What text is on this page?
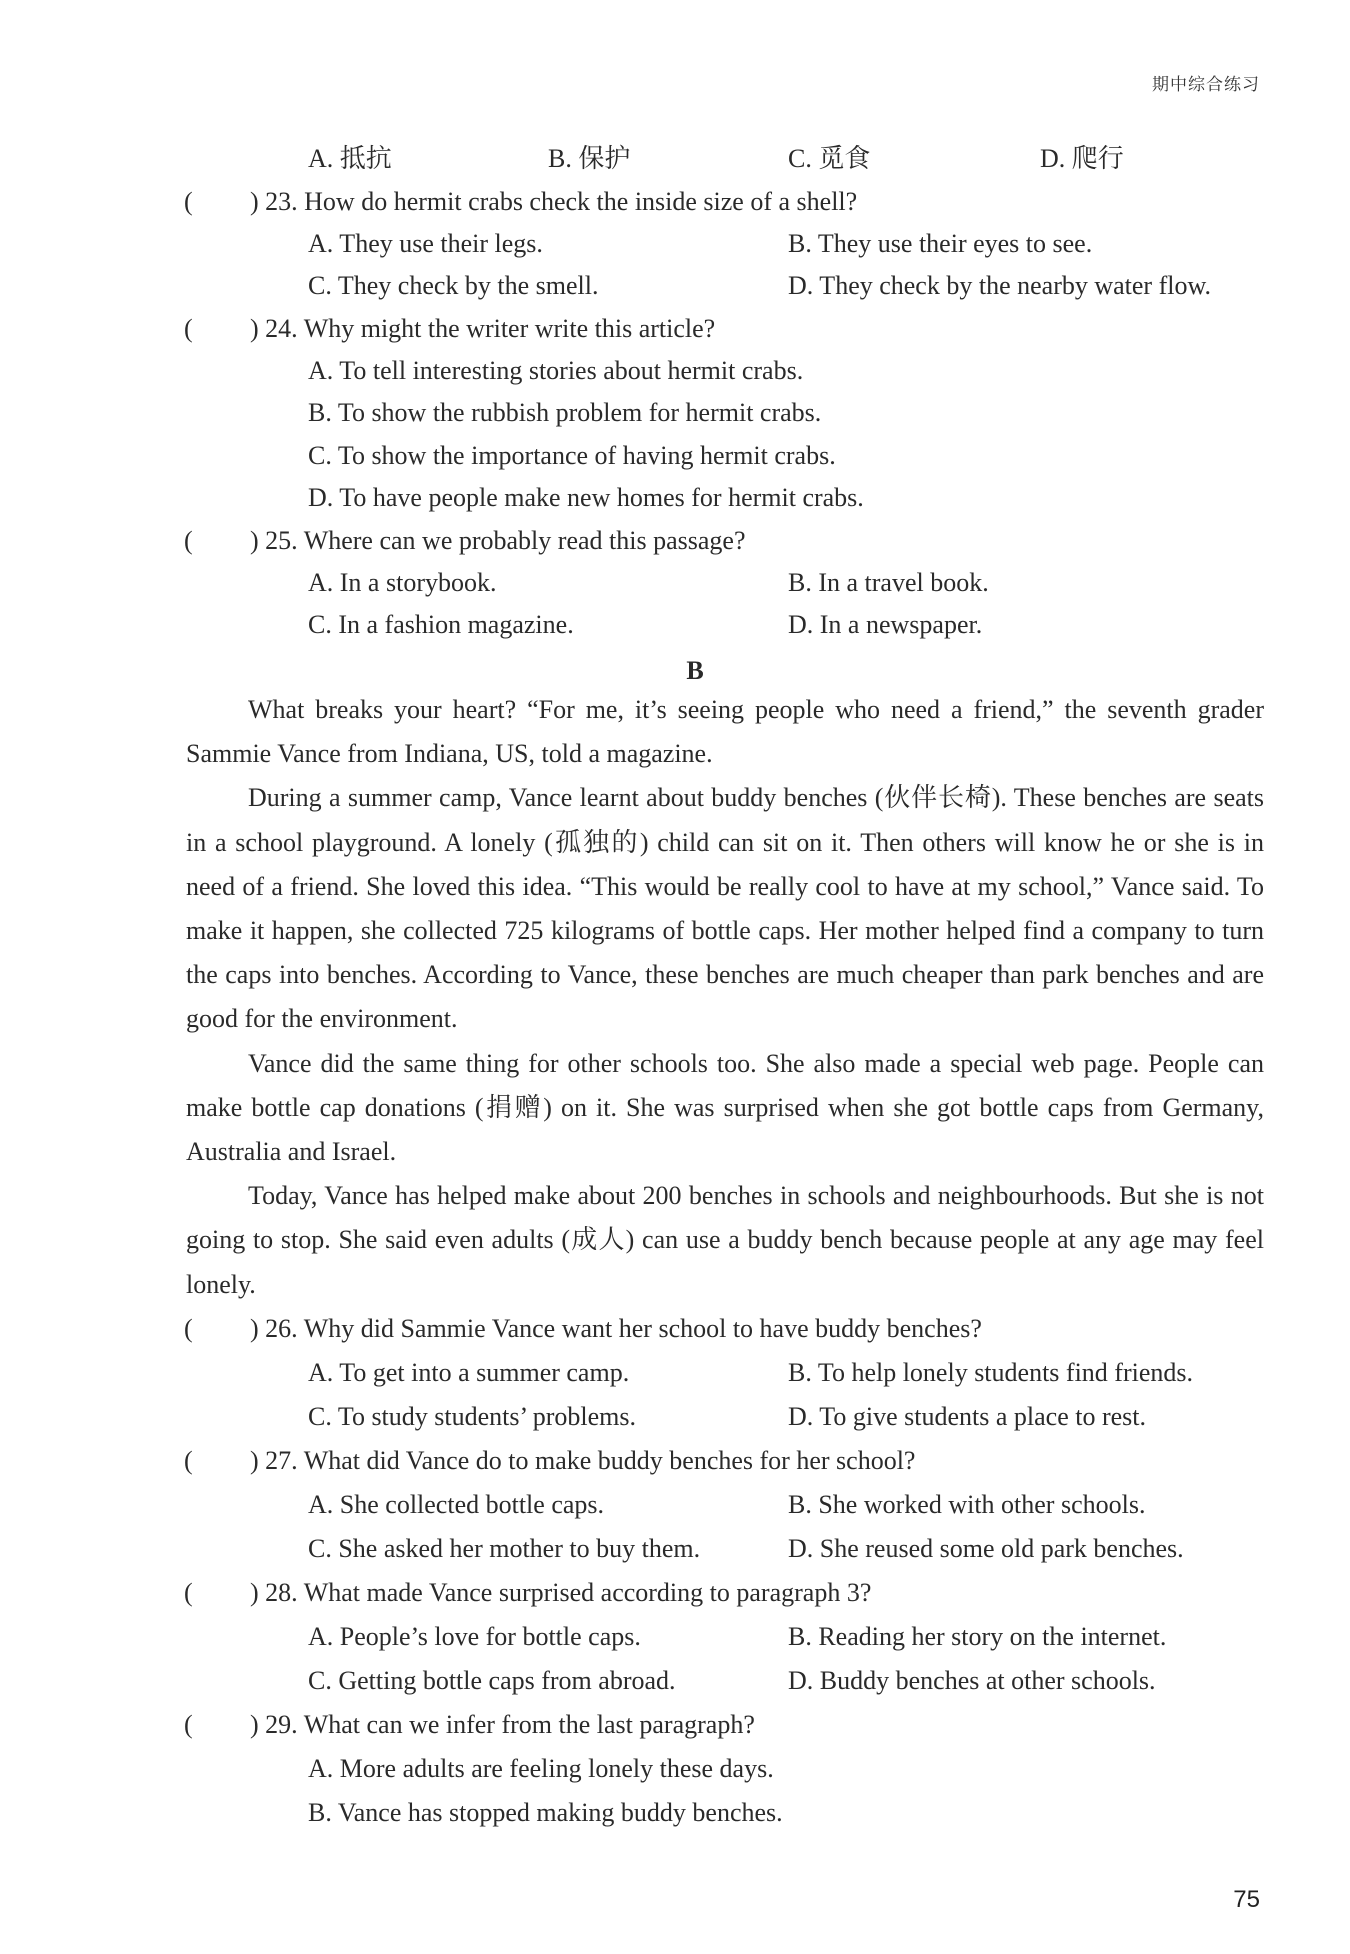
期中综合练习
A. 抵抗	B. 保护	C. 觅食	D. 爬行
( ) 23. How do hermit crabs check the inside size of a shell?
A. They use their legs.	B. They use their eyes to see.
C. They check by the smell.	D. They check by the nearby water flow.
( ) 24. Why might the writer write this article?
A. To tell interesting stories about hermit crabs.
B. To show the rubbish problem for hermit crabs.
C. To show the importance of having hermit crabs.
D. To have people make new homes for hermit crabs.
( ) 25. Where can we probably read this passage?
A. In a storybook.	B. In a travel book.
C. In a fashion magazine.	D. In a newspaper.
B

What breaks your heart? “For me, it’s seeing people who need a friend,” the seventh grader Sammie Vance from Indiana, US, told a magazine.

During a summer camp, Vance learnt about buddy benches (伙伴长椅). These benches are seats in a school playground. A lonely (孤独的) child can sit on it. Then others will know he or she is in need of a friend. She loved this idea. “This would be really cool to have at my school,” Vance said. To make it happen, she collected 725 kilograms of bottle caps. Her mother helped find a company to turn the caps into benches. According to Vance, these benches are much cheaper than park benches and are good for the environment.

Vance did the same thing for other schools too. She also made a special web page. People can make bottle cap donations (捐赠) on it. She was surprised when she got bottle caps from Germany, Australia and Israel.

Today, Vance has helped make about 200 benches in schools and neighbourhoods. But she is not going to stop. She said even adults (成人) can use a buddy bench because people at any age may feel lonely.

( ) 26. Why did Sammie Vance want her school to have buddy benches?
A. To get into a summer camp.	B. To help lonely students find friends.
C. To study students’ problems.	D. To give students a place to rest.
( ) 27. What did Vance do to make buddy benches for her school?
A. She collected bottle caps.	B. She worked with other schools.
C. She asked her mother to buy them.	D. She reused some old park benches.
( ) 28. What made Vance surprised according to paragraph 3?
A. People’s love for bottle caps.	B. Reading her story on the internet.
C. Getting bottle caps from abroad.	D. Buddy benches at other schools.
( ) 29. What can we infer from the last paragraph?
A. More adults are feeling lonely these days.
B. Vance has stopped making buddy benches.
75
